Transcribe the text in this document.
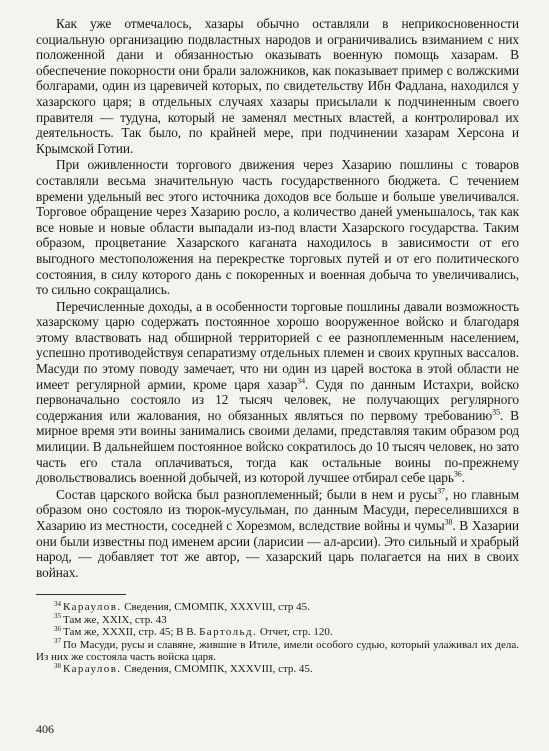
Как уже отмечалось, хазары обычно оставляли в неприкосновенности социальную организацию подвластных народов и ограничивались взиманием с них положенной дани и обязанностью оказывать военную помощь хазарам. В обеспечение покорности они брали заложников, как показывает пример с волжскими болгарами, один из царевичей которых, по свидетельству Ибн Фадлана, находился у хазарского царя; в отдельных случаях хазары присылали к подчиненным своего правителя — тудуна, который не заменял местных властей, а контролировал их деятельность. Так было, по крайней мере, при подчинении хазарам Херсона и Крымской Готии.

При оживленности торгового движения через Хазарию пошлины с товаров составляли весьма значительную часть государственного бюджета. С течением времени удельный вес этого источника доходов все больше и больше увеличивался. Торговое обращение через Хазарию росло, а количество даней уменьшалось, так как все новые и новые области выпадали из-под власти Хазарского государства. Таким образом, процветание Хазарского каганата находилось в зависимости от его выгодного местоположения на перекрестке торговых путей и от его политического состояния, в силу которого дань с покоренных и военная добыча то увеличивались, то сильно сокращались.

Перечисленные доходы, а в особенности торговые пошлины давали возможность хазарскому царю содержать постоянное хорошо вооруженное войско и благодаря этому властвовать над обширной территорией с ее разноплеменным населением, успешно противодействуя сепаратизму отдельных племен и своих крупных вассалов. Масуди по этому поводу замечает, что ни один из царей востока в этой области не имеет регулярной армии, кроме царя хазар$^{34}$. Судя по данным Истахри, войско первоначально состояло из 12 тысяч человек, не получающих регулярного содержания или жалования, но обязанных являться по первому требованию$^{35}$. В мирное время эти воины занимались своими делами, представляя таким образом род милиции. В дальнейшем постоянное войско сократилось до 10 тысяч человек, но зато часть его стала оплачиваться, тогда как остальные воины по-прежнему довольствовались военной добычей, из которой лучшее отбирал себе царь$^{36}$.

Состав царского войска был разноплеменный; были в нем и русы$^{37}$, но главным образом оно состояло из тюрок-мусульман, по данным Масуди, переселившихся в Хазарию из местности, соседней с Хорезмом, вследствие войны и чумы$^{38}$. В Хазарии они были известны под именем арсии (ларисии — ал-арсии). Это сильный и храбрый народ, — добавляет тот же автор, — хазарский царь полагается на них в своих войнах.

$^{34}$ Караулов. Сведения, СМОМПК, XXXVIII, стр 45.

$^{35}$ Там же, XXIX, стр. 43

$^{36}$ Там же, XXXII, стр. 45; В В. Бартольд. Отчет, стр. 120.

$^{37}$ По Масуди, русы и славяне, жившие в Итиле, имели особого судью, который улаживал их дела. Из них же состояла часть войска царя.

$^{38}$ Караулов. Сведения, СМОМПК, XXXVIII, стр. 45.

406
